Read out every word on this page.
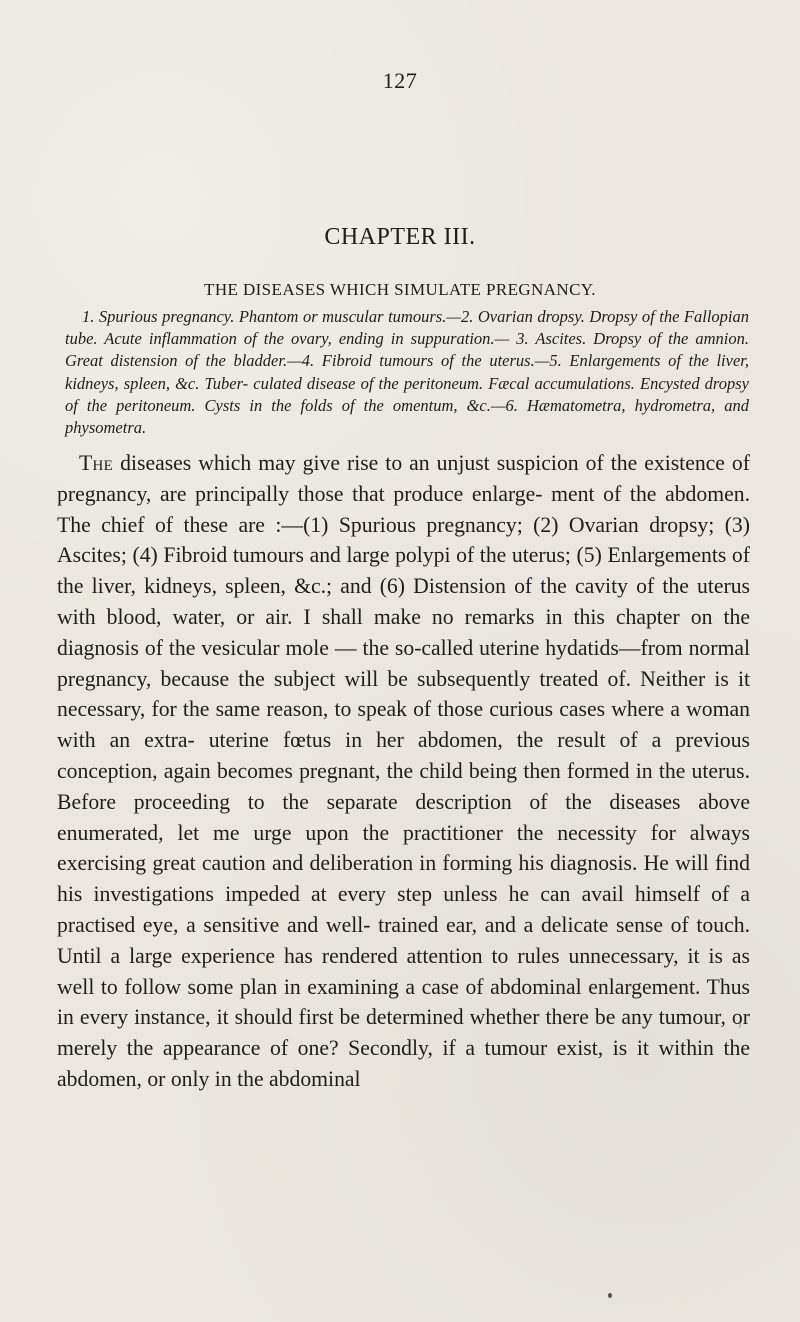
127
CHAPTER III.
THE DISEASES WHICH SIMULATE PREGNANCY.

1. Spurious pregnancy. Phantom or muscular tumours.—2. Ovarian dropsy. Dropsy of the Fallopian tube. Acute inflammation of the ovary, ending in suppuration.— 3. Ascites. Dropsy of the amnion. Great distension of the bladder.—4. Fibroid tumours of the uterus.—5. Enlargements of the liver, kidneys, spleen, &c. Tuber- culated disease of the peritoneum. Fæcal accumulations. Encysted dropsy of the peritoneum. Cysts in the folds of the omentum, &c.—6. Hæmatometra, hydrometra, and physometra.

The diseases which may give rise to an unjust suspicion of the existence of pregnancy, are principally those that produce enlarge- ment of the abdomen. The chief of these are :—(1) Spurious pregnancy; (2) Ovarian dropsy; (3) Ascites; (4) Fibroid tumours and large polypi of the uterus; (5) Enlargements of the liver, kidneys, spleen, &c.; and (6) Distension of the cavity of the uterus with blood, water, or air. I shall make no remarks in this chapter on the diagnosis of the vesicular mole — the so-called uterine hydatids—from normal pregnancy, because the subject will be subsequently treated of. Neither is it necessary, for the same reason, to speak of those curious cases where a woman with an extra- uterine fœtus in her abdomen, the result of a previous conception, again becomes pregnant, the child being then formed in the uterus. Before proceeding to the separate description of the diseases above enumerated, let me urge upon the practitioner the necessity for always exercising great caution and deliberation in forming his diagnosis. He will find his investigations impeded at every step unless he can avail himself of a practised eye, a sensitive and well- trained ear, and a delicate sense of touch. Until a large experience has rendered attention to rules unnecessary, it is as well to follow some plan in examining a case of abdominal enlargement. Thus in every instance, it should first be determined whether there be any tumour, or merely the appearance of one? Secondly, if a tumour exist, is it within the abdomen, or only in the abdominal
